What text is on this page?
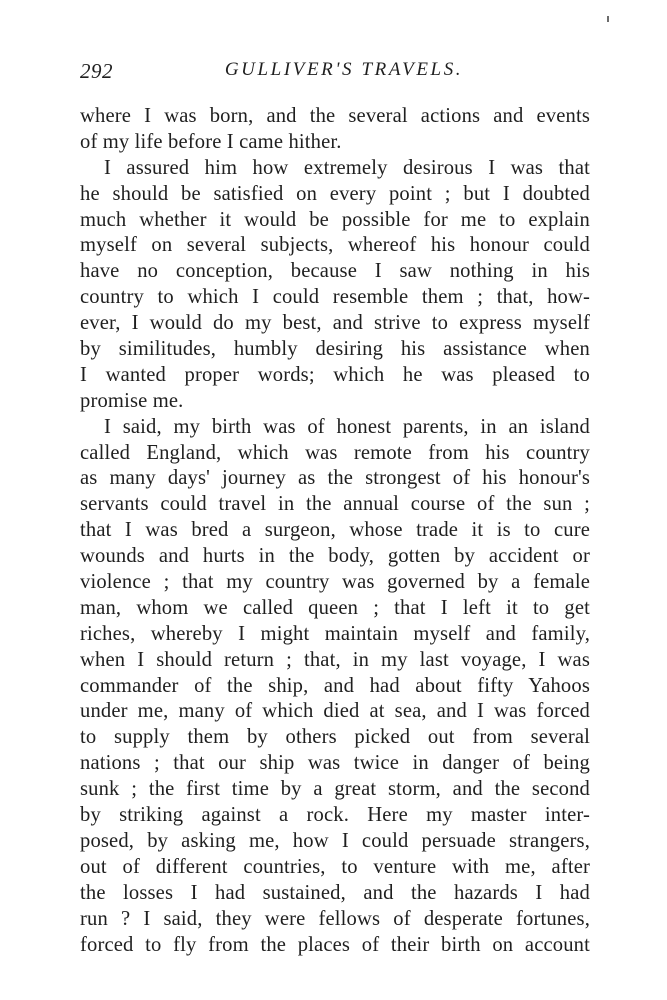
292	GULLIVER'S TRAVELS.
where I was born, and the several actions and events
of my life before I came hither.
I assured him how extremely desirous I was that
he should be satisfied on every point ; but I doubted
much whether it would be possible for me to explain
myself on several subjects, whereof his honour could
have no conception, because I saw nothing in his
country to which I could resemble them ; that, how-
ever, I would do my best, and strive to express myself
by similitudes, humbly desiring his assistance when
I wanted proper words; which he was pleased to
promise me.
I said, my birth was of honest parents, in an island
called England, which was remote from his country
as many days' journey as the strongest of his honour's
servants could travel in the annual course of the sun ;
that I was bred a surgeon, whose trade it is to cure
wounds and hurts in the body, gotten by accident or
violence ; that my country was governed by a female
man, whom we called queen ; that I left it to get
riches, whereby I might maintain myself and family,
when I should return ; that, in my last voyage, I was
commander of the ship, and had about fifty Yahoos
under me, many of which died at sea, and I was forced
to supply them by others picked out from several
nations ; that our ship was twice in danger of being
sunk ; the first time by a great storm, and the second
by striking against a rock. Here my master inter-
posed, by asking me, how I could persuade strangers,
out of different countries, to venture with me, after
the losses I had sustained, and the hazards I had
run ? I said, they were fellows of desperate fortunes,
forced to fly from the places of their birth on account
